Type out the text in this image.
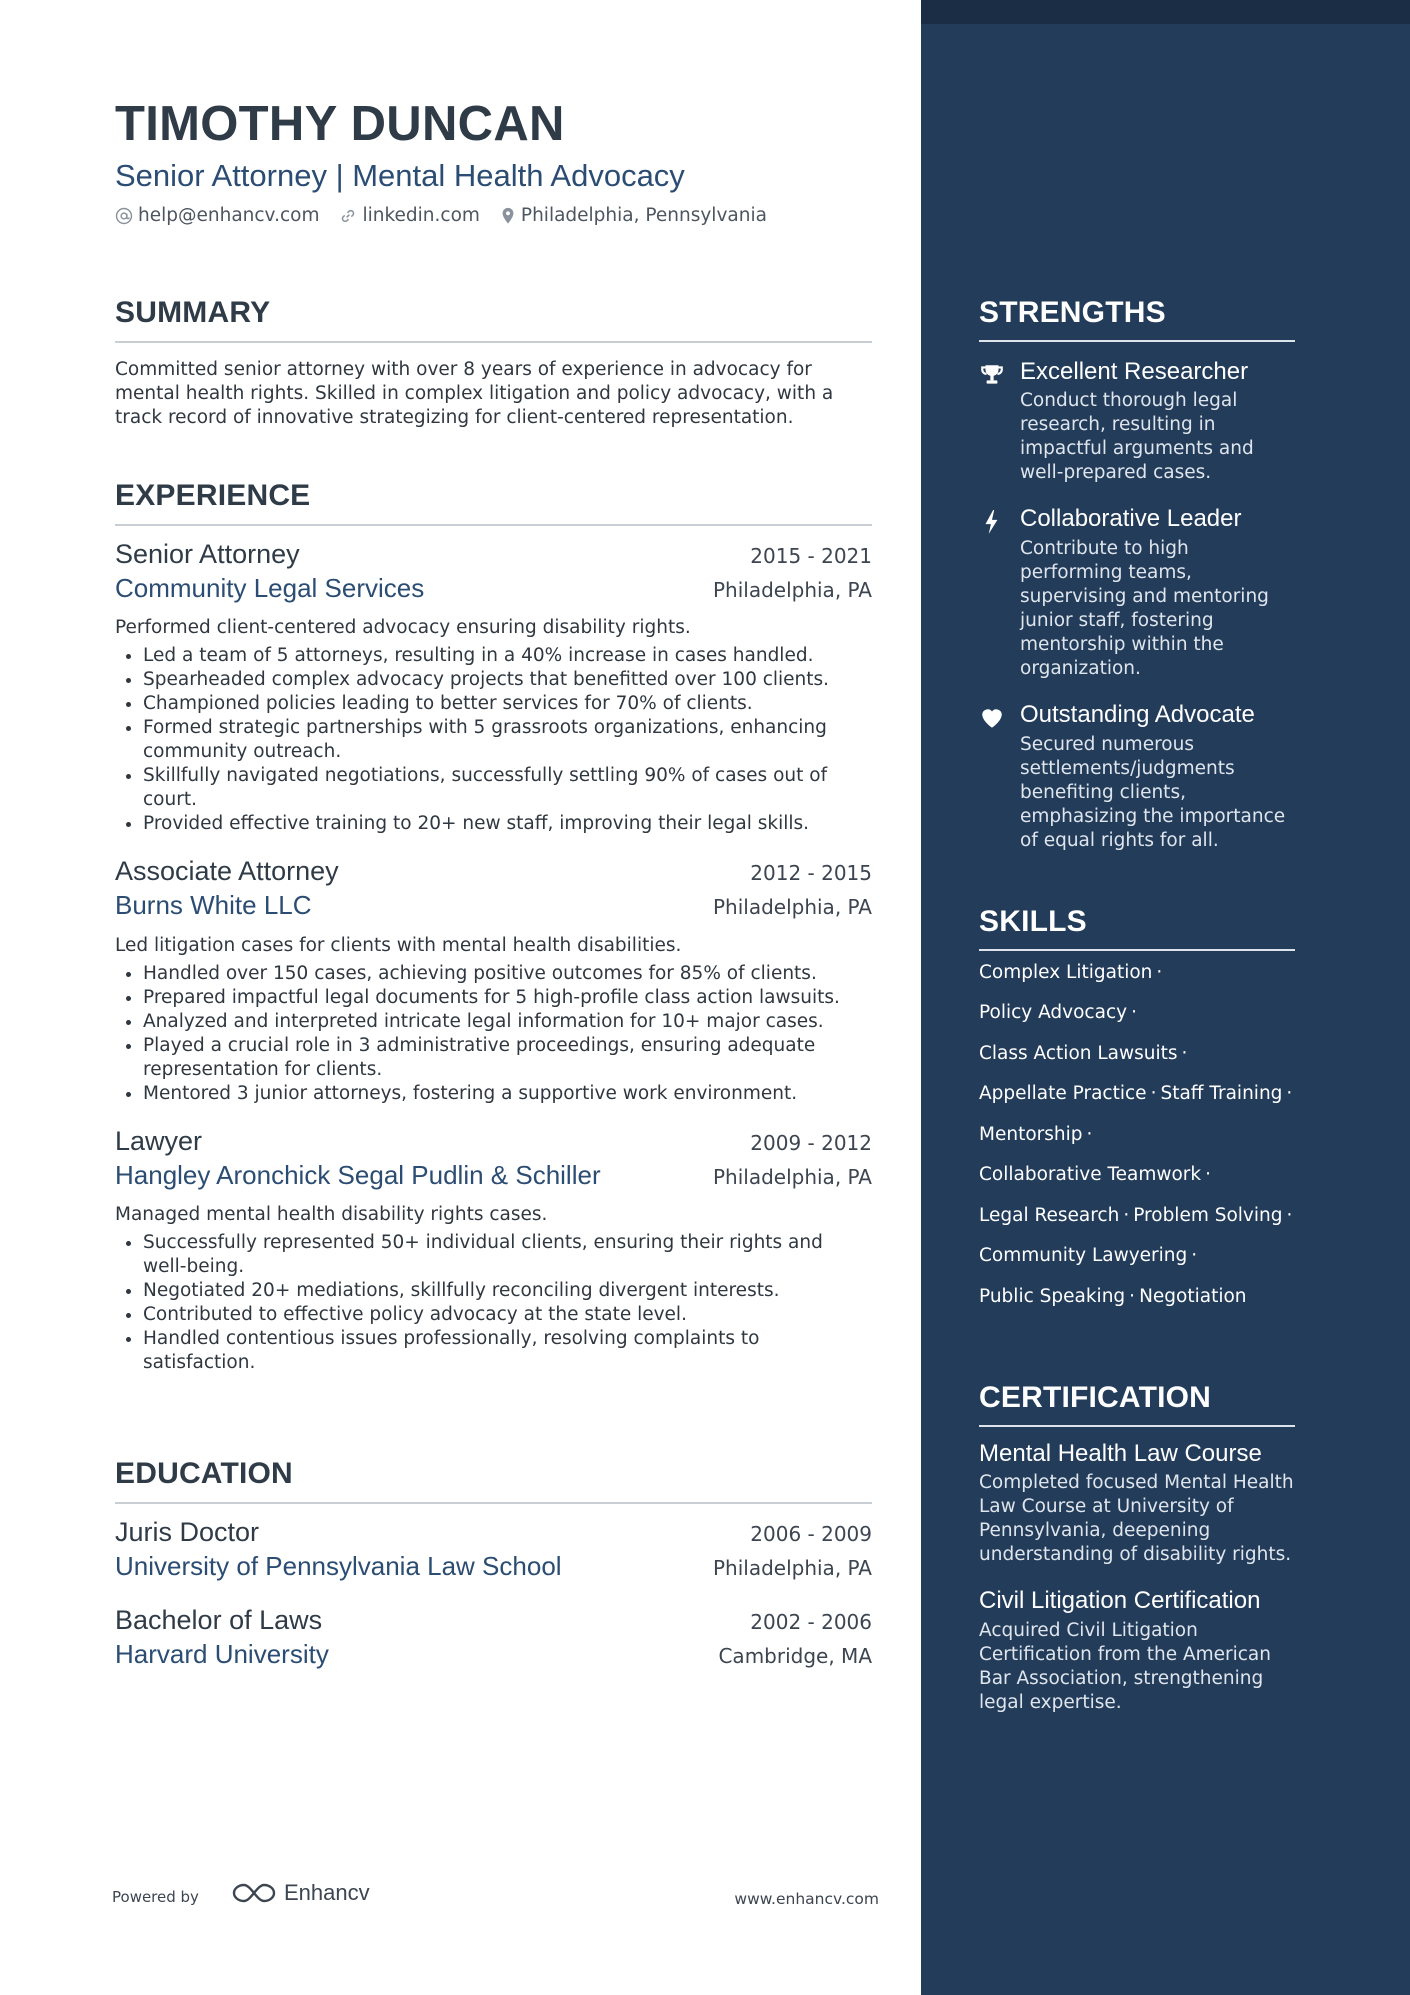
TIMOTHY DUNCAN
Senior Attorney | Mental Health Advocacy
help@enhancv.com linkedin.com Philadelphia, Pennsylvania
SUMMARY

Committed senior attorney with over 8 years of experience in advocacy for mental health rights. Skilled in complex litigation and policy advocacy, with a track record of innovative strategizing for client-centered representation.

EXPERIENCE
Senior Attorney	2015 - 2021
Community Legal Services	Philadelphia, PA

Performed client-centered advocacy ensuring disability rights.

• Led a team of 5 attorneys, resulting in a 40% increase in cases handled.
• Spearheaded complex advocacy projects that benefitted over 100 clients.
• Championed policies leading to better services for 70% of clients.
• Formed strategic partnerships with 5 grassroots organizations, enhancing community outreach.
• Skillfully navigated negotiations, successfully settling 90% of cases out of court.
• Provided effective training to 20+ new staff, improving their legal skills.
Associate Attorney	2012 - 2015
Burns White LLC	Philadelphia, PA

Led litigation cases for clients with mental health disabilities.

• Handled over 150 cases, achieving positive outcomes for 85% of clients.
• Prepared impactful legal documents for 5 high-profile class action lawsuits.
• Analyzed and interpreted intricate legal information for 10+ major cases.
• Played a crucial role in 3 administrative proceedings, ensuring adequate representation for clients.
• Mentored 3 junior attorneys, fostering a supportive work environment.
Lawyer	2009 - 2012
Hangley Aronchick Segal Pudlin & Schiller	Philadelphia, PA

Managed mental health disability rights cases.

• Successfully represented 50+ individual clients, ensuring their rights and well-being.
• Negotiated 20+ mediations, skillfully reconciling divergent interests.
• Contributed to effective policy advocacy at the state level.
• Handled contentious issues professionally, resolving complaints to satisfaction.
EDUCATION
Juris Doctor	2006 - 2009
University of Pennsylvania Law School	Philadelphia, PA
Bachelor of Laws	2002 - 2006
Harvard University	Cambridge, MA
Powered by	Enhancv	www.enhancv.com
STRENGTHS
Excellent Researcher

Conduct thorough legal research, resulting in impactful arguments and well-prepared cases.

Collaborative Leader

Contribute to high performing teams, supervising and mentoring junior staff, fostering mentorship within the organization.

Outstanding Advocate

Secured numerous settlements/judgments benefiting clients, emphasizing the importance of equal rights for all.

SKILLS
Complex Litigation ·
Policy Advocacy ·
Class Action Lawsuits ·
Appellate Practice · Staff Training ·
Mentorship ·
Collaborative Teamwork ·
Legal Research · Problem Solving ·
Community Lawyering ·
Public Speaking · Negotiation
CERTIFICATION
Mental Health Law Course

Completed focused Mental Health Law Course at University of Pennsylvania, deepening understanding of disability rights.

Civil Litigation Certification

Acquired Civil Litigation Certification from the American Bar Association, strengthening legal expertise.
